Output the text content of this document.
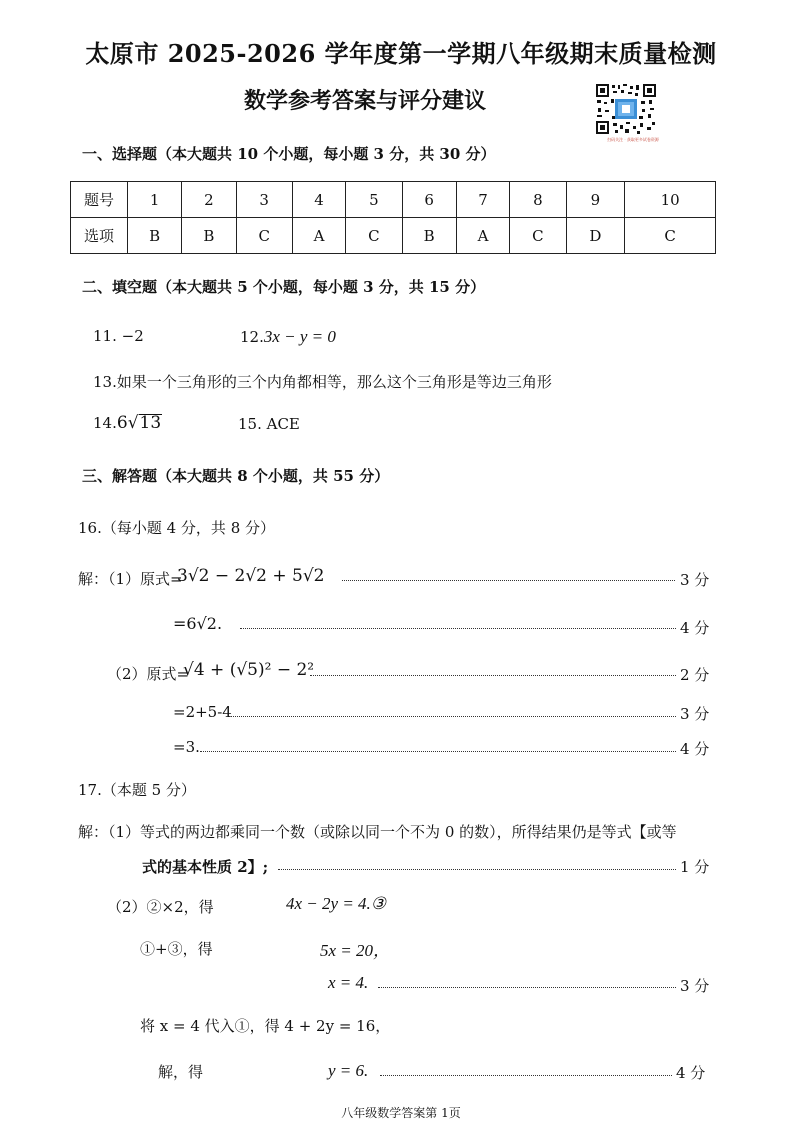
太原市 2025-2026 学年度第一学期八年级期末质量检测
数学参考答案与评分建议
扫码关注 · 获取更多试卷资源
一、选择题（本大题共 10 个小题，每小题 3 分，共 30 分）
题号	1	2	3	4	5	6	7	8	9	10
选项	B	B	C	A	C	B	A	C	D	C
二、填空题（本大题共 5 个小题，每小题 3 分，共 15 分）
11. −2	12.3x − y = 0
13.如果一个三角形的三个内角都相等，那么这个三角形是等边三角形
14.6√13	15. ACE
三、解答题（本大题共 8 个小题，共 55 分）
16.（每小题 4 分，共 8 分）
解：（1）原式=
3√2 − 2√2 + 5√2	3 分
=6√2.	4 分
（2）原式=
√4 + (√5)² − 2²	2 分
=2+5-4	3 分
=3.	4 分
17.（本题 5 分）
解：（1）等式的两边都乘同一个数（或除以同一个不为 0 的数），所得结果仍是等式【或等
式的基本性质 2】;	1 分
（2）②×2，得	4x − 2y = 4.③
①+③，得	5x = 20，
x = 4.	3 分
将 x = 4 代入①，得 4 + 2y = 16，
解，得	y = 6.	4 分
八年级数学答案第 1页
